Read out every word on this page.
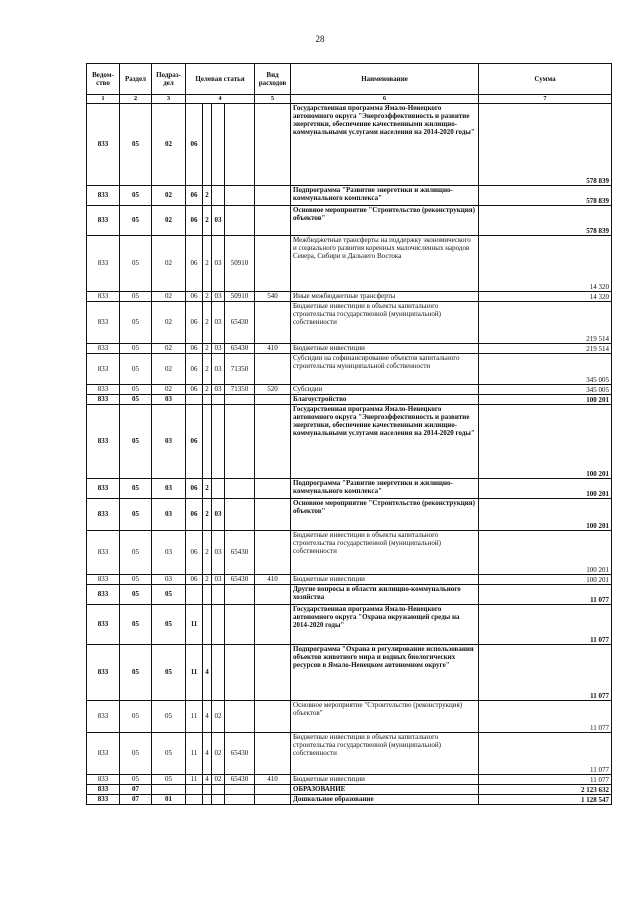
28
Ведом-ство	Раздел	Подраз-дел	Целевая статья				Вид расходов	Наименование	Сумма
1	2	3	4				5	6	7
833	05	02	06					Государственная программа Ямало-Ненецкого автономного округа "Энергоэффективность и развитие энергетики, обеспечение качественными жилищно-коммунальными услугами населения на 2014-2020 годы"	578 839
833	05	02	06	2				Подпрограмма "Развитие энергетики и жилищно-коммунального комплекса"	578 839
833	05	02	06	2	03			Основное мероприятие "Строительство (реконструкция) объектов"	578 839
833	05	02	06	2	03	50910		Межбюджетные трансферты на поддержку экономического и социального развития коренных малочисленных народов Севера, Сибири и Дальнего Востока	14 320
833	05	02	06	2	03	50910	540	Иные межбюджетные трансферты	14 320
833	05	02	06	2	03	65430		Бюджетные инвестиции в объекты капитального строительства государственной (муниципальной) собственности	219 514
833	05	02	06	2	03	65430	410	Бюджетные инвестиции	219 514
833	05	02	06	2	03	71350		Субсидии на софинансирование объектов капитального строительства муниципальной собственности	345 005
833	05	02	06	2	03	71350	520	Субсидии	345 005
833	05	03						Благоустройство	100 201
833	05	03	06					Государственная программа Ямало-Ненецкого автономного округа "Энергоэффективность и развитие энергетики, обеспечение качественными жилищно-коммунальными услугами населения на 2014-2020 годы"	100 201
833	05	03	06	2				Подпрограмма "Развитие энергетики и жилищно-коммунального комплекса"	100 201
833	05	03	06	2	03			Основное мероприятие "Строительство (реконструкция) объектов"	100 201
833	05	03	06	2	03	65430		Бюджетные инвестиции в объекты капитального строительства государственной (муниципальной) собственности	100 201
833	05	03	06	2	03	65430	410	Бюджетные инвестиции	100 201
833	05	05						Другие вопросы в области жилищно-коммунального хозяйства	11 077
833	05	05	11					Государственная программа Ямало-Ненецкого автономного округа "Охрана окружающей среды на 2014-2020 годы"	11 077
833	05	05	11	4				Подпрограмма "Охрана и регулирование использования объектов животного мира и водных биологических ресурсов в Ямало-Ненецком автономном округе"	11 077
833	05	05	11	4	02			Основное мероприятие "Строительство (реконструкция) объектов"	11 077
833	05	05	11	4	02	65430		Бюджетные инвестиции в объекты капитального строительства государственной (муниципальной) собственности	11 077
833	05	05	11	4	02	65430	410	Бюджетные инвестиции	11 077
833	07							ОБРАЗОВАНИЕ	2 123 632
833	07	01						Дошкольное образование	1 128 547
